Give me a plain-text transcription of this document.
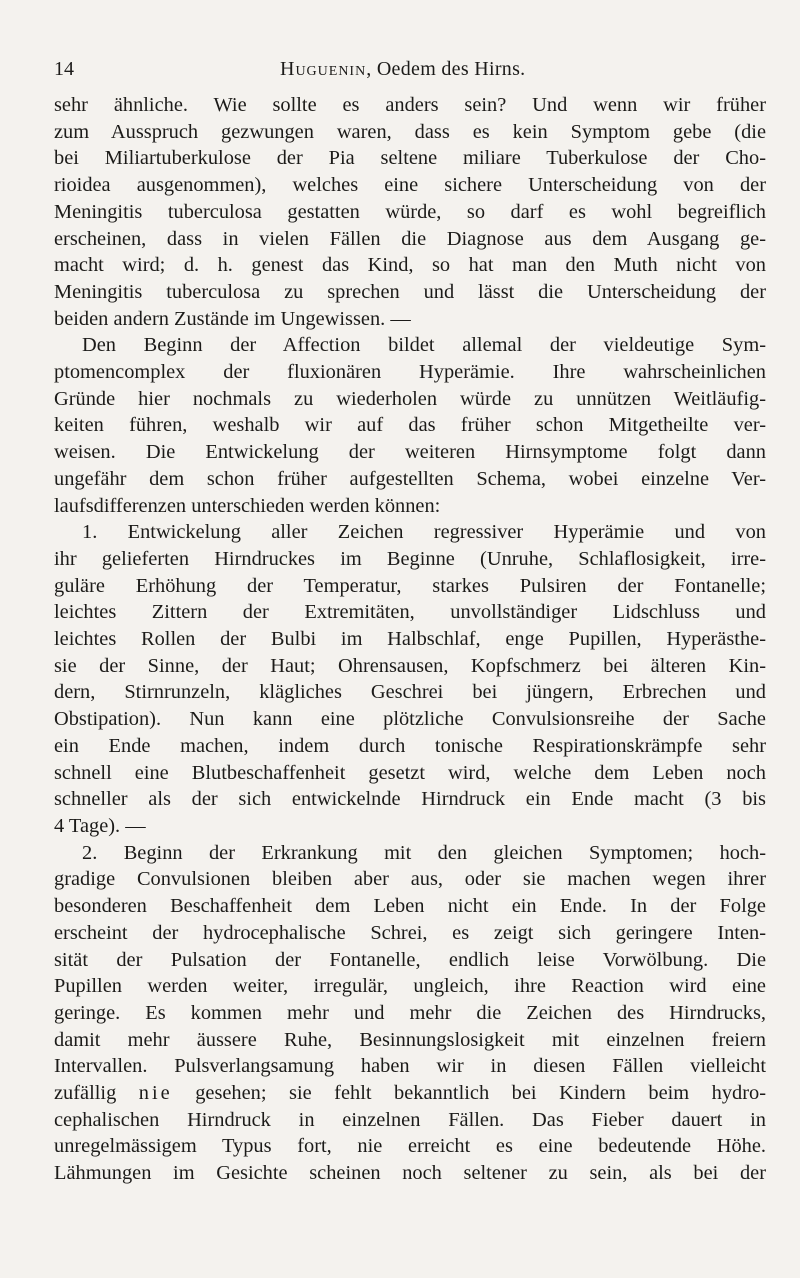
14	Huguenin, Oedem des Hirns.
sehr ähnliche. Wie sollte es anders sein? Und wenn wir früher
zum Ausspruch gezwungen waren, dass es kein Symptom gebe (die
bei Miliartuberkulose der Pia seltene miliare Tuberkulose der Cho-
rioidea ausgenommen), welches eine sichere Unterscheidung von der
Meningitis tuberculosa gestatten würde, so darf es wohl begreiflich
erscheinen, dass in vielen Fällen die Diagnose aus dem Ausgang ge-
macht wird; d. h. genest das Kind, so hat man den Muth nicht von
Meningitis tuberculosa zu sprechen und lässt die Unterscheidung der
beiden andern Zustände im Ungewissen. —
Den Beginn der Affection bildet allemal der vieldeutige Sym-
ptomencomplex der fluxionären Hyperämie. Ihre wahrscheinlichen
Gründe hier nochmals zu wiederholen würde zu unnützen Weitläufig-
keiten führen, weshalb wir auf das früher schon Mitgetheilte ver-
weisen. Die Entwickelung der weiteren Hirnsymptome folgt dann
ungefähr dem schon früher aufgestellten Schema, wobei einzelne Ver-
laufsdifferenzen unterschieden werden können:
1. Entwickelung aller Zeichen regressiver Hyperämie und von
ihr gelieferten Hirndruckes im Beginne (Unruhe, Schlaflosigkeit, irre-
guläre Erhöhung der Temperatur, starkes Pulsiren der Fontanelle;
leichtes Zittern der Extremitäten, unvollständiger Lidschluss und
leichtes Rollen der Bulbi im Halbschlaf, enge Pupillen, Hyperästhe-
sie der Sinne, der Haut; Ohrensausen, Kopfschmerz bei älteren Kin-
dern, Stirnrunzeln, klägliches Geschrei bei jüngern, Erbrechen und
Obstipation). Nun kann eine plötzliche Convulsionsreihe der Sache
ein Ende machen, indem durch tonische Respirationskrämpfe sehr
schnell eine Blutbeschaffenheit gesetzt wird, welche dem Leben noch
schneller als der sich entwickelnde Hirndruck ein Ende macht (3 bis
4 Tage). —
2. Beginn der Erkrankung mit den gleichen Symptomen; hoch-
gradige Convulsionen bleiben aber aus, oder sie machen wegen ihrer
besonderen Beschaffenheit dem Leben nicht ein Ende. In der Folge
erscheint der hydrocephalische Schrei, es zeigt sich geringere Inten-
sität der Pulsation der Fontanelle, endlich leise Vorwölbung. Die
Pupillen werden weiter, irregulär, ungleich, ihre Reaction wird eine
geringe. Es kommen mehr und mehr die Zeichen des Hirndrucks,
damit mehr äussere Ruhe, Besinnungslosigkeit mit einzelnen freiern
Intervallen. Pulsverlangsamung haben wir in diesen Fällen vielleicht
zufällig nie gesehen; sie fehlt bekanntlich bei Kindern beim hydro-
cephalischen Hirndruck in einzelnen Fällen. Das Fieber dauert in
unregelmässigem Typus fort, nie erreicht es eine bedeutende Höhe.
Lähmungen im Gesichte scheinen noch seltener zu sein, als bei der
